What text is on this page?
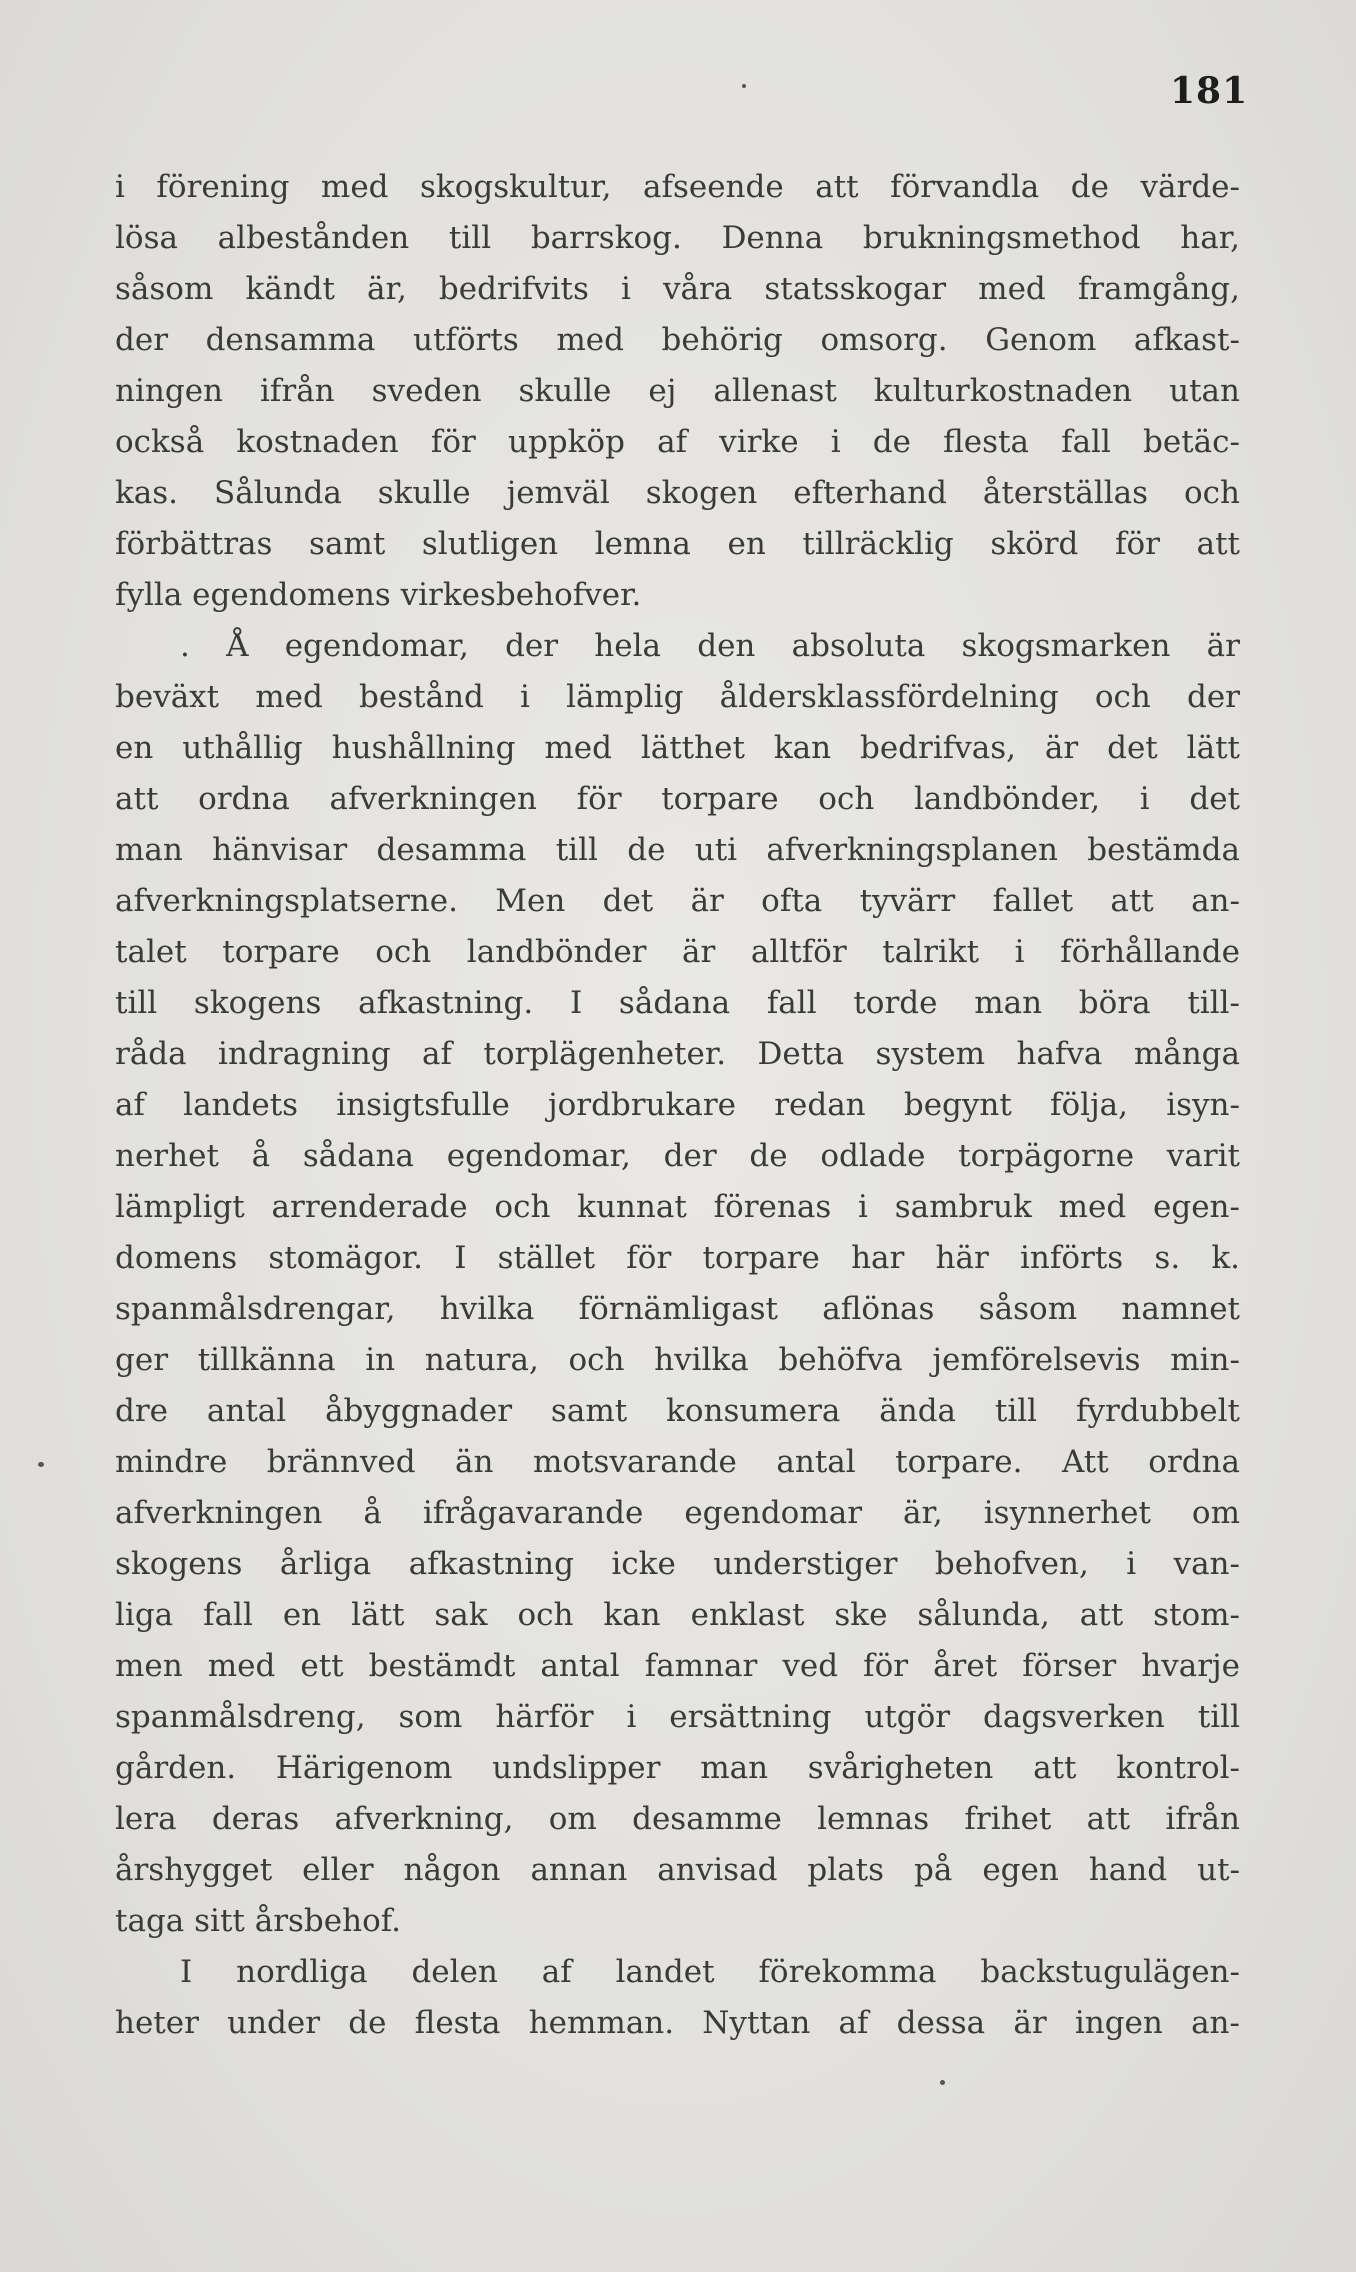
181
i förening med skogskultur, afseende att förvandla de värde-
lösa albestånden till barrskog. Denna brukningsmethod har,
såsom kändt är, bedrifvits i våra statsskogar med framgång,
der densamma utförts med behörig omsorg. Genom afkast-
ningen ifrån sveden skulle ej allenast kulturkostnaden utan
också kostnaden för uppköp af virke i de flesta fall betäc-
kas. Sålunda skulle jemväl skogen efterhand återställas och
förbättras samt slutligen lemna en tillräcklig skörd för att
fylla egendomens virkesbehofver.
. Å egendomar, der hela den absoluta skogsmarken är
beväxt med bestånd i lämplig åldersklassfördelning och der
en uthållig hushållning med lätthet kan bedrifvas, är det lätt
att ordna afverkningen för torpare och landbönder, i det
man hänvisar desamma till de uti afverkningsplanen bestämda
afverkningsplatserne. Men det är ofta tyvärr fallet att an-
talet torpare och landbönder är alltför talrikt i förhållande
till skogens afkastning. I sådana fall torde man böra till-
råda indragning af torplägenheter. Detta system hafva många
af landets insigtsfulle jordbrukare redan begynt följa, isyn-
nerhet å sådana egendomar, der de odlade torpägorne varit
lämpligt arrenderade och kunnat förenas i sambruk med egen-
domens stomägor. I stället för torpare har här införts s. k.
spanmålsdrengar, hvilka förnämligast aflönas såsom namnet
ger tillkänna in natura, och hvilka behöfva jemförelsevis min-
dre antal åbyggnader samt konsumera ända till fyrdubbelt
mindre brännved än motsvarande antal torpare. Att ordna
afverkningen å ifrågavarande egendomar är, isynnerhet om
skogens årliga afkastning icke understiger behofven, i van-
liga fall en lätt sak och kan enklast ske sålunda, att stom-
men med ett bestämdt antal famnar ved för året förser hvarje
spanmålsdreng, som härför i ersättning utgör dagsverken till
gården. Härigenom undslipper man svårigheten att kontrol-
lera deras afverkning, om desamme lemnas frihet att ifrån
årshygget eller någon annan anvisad plats på egen hand ut-
taga sitt årsbehof.
I nordliga delen af landet förekomma backstugulägen-
heter under de flesta hemman. Nyttan af dessa är ingen an-
